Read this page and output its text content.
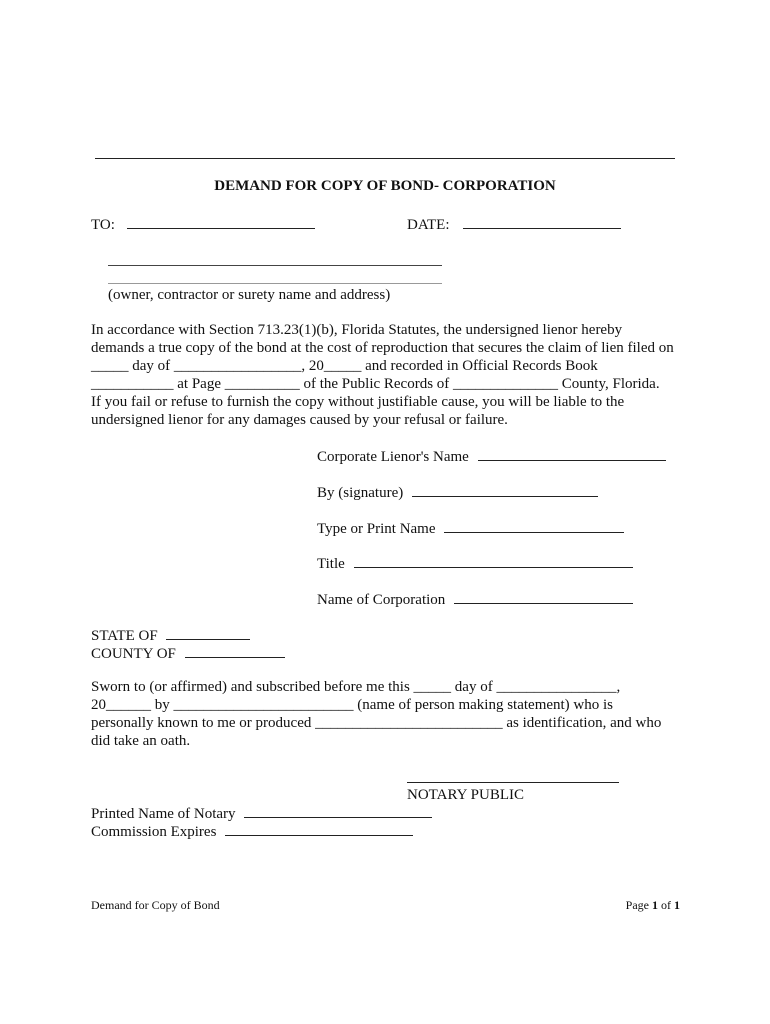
DEMAND FOR COPY OF BOND- CORPORATION
TO:	DATE:
(owner, contractor or surety name and address)
In accordance with Section 713.23(1)(b), Florida Statutes, the undersigned lienor hereby
demands a true copy of the bond at the cost of reproduction that secures the claim of lien filed on
_____ day of _________________, 20_____ and recorded in Official Records Book
___________ at Page __________ of the Public Records of ______________ County, Florida.
If you fail or refuse to furnish the copy without justifiable cause, you will be liable to the
undersigned lienor for any damages caused by your refusal or failure.
Corporate Lienor's Name
By (signature)
Type or Print Name
Title
Name of Corporation
STATE OF
COUNTY OF
Sworn to (or affirmed) and subscribed before me this _____ day of ________________,
20______ by ________________________ (name of person making statement) who is
personally known to me or produced _________________________ as identification, and who
did take an oath.
NOTARY PUBLIC
Printed Name of Notary
Commission Expires
Demand for Copy of Bond	Page 1 of 1
